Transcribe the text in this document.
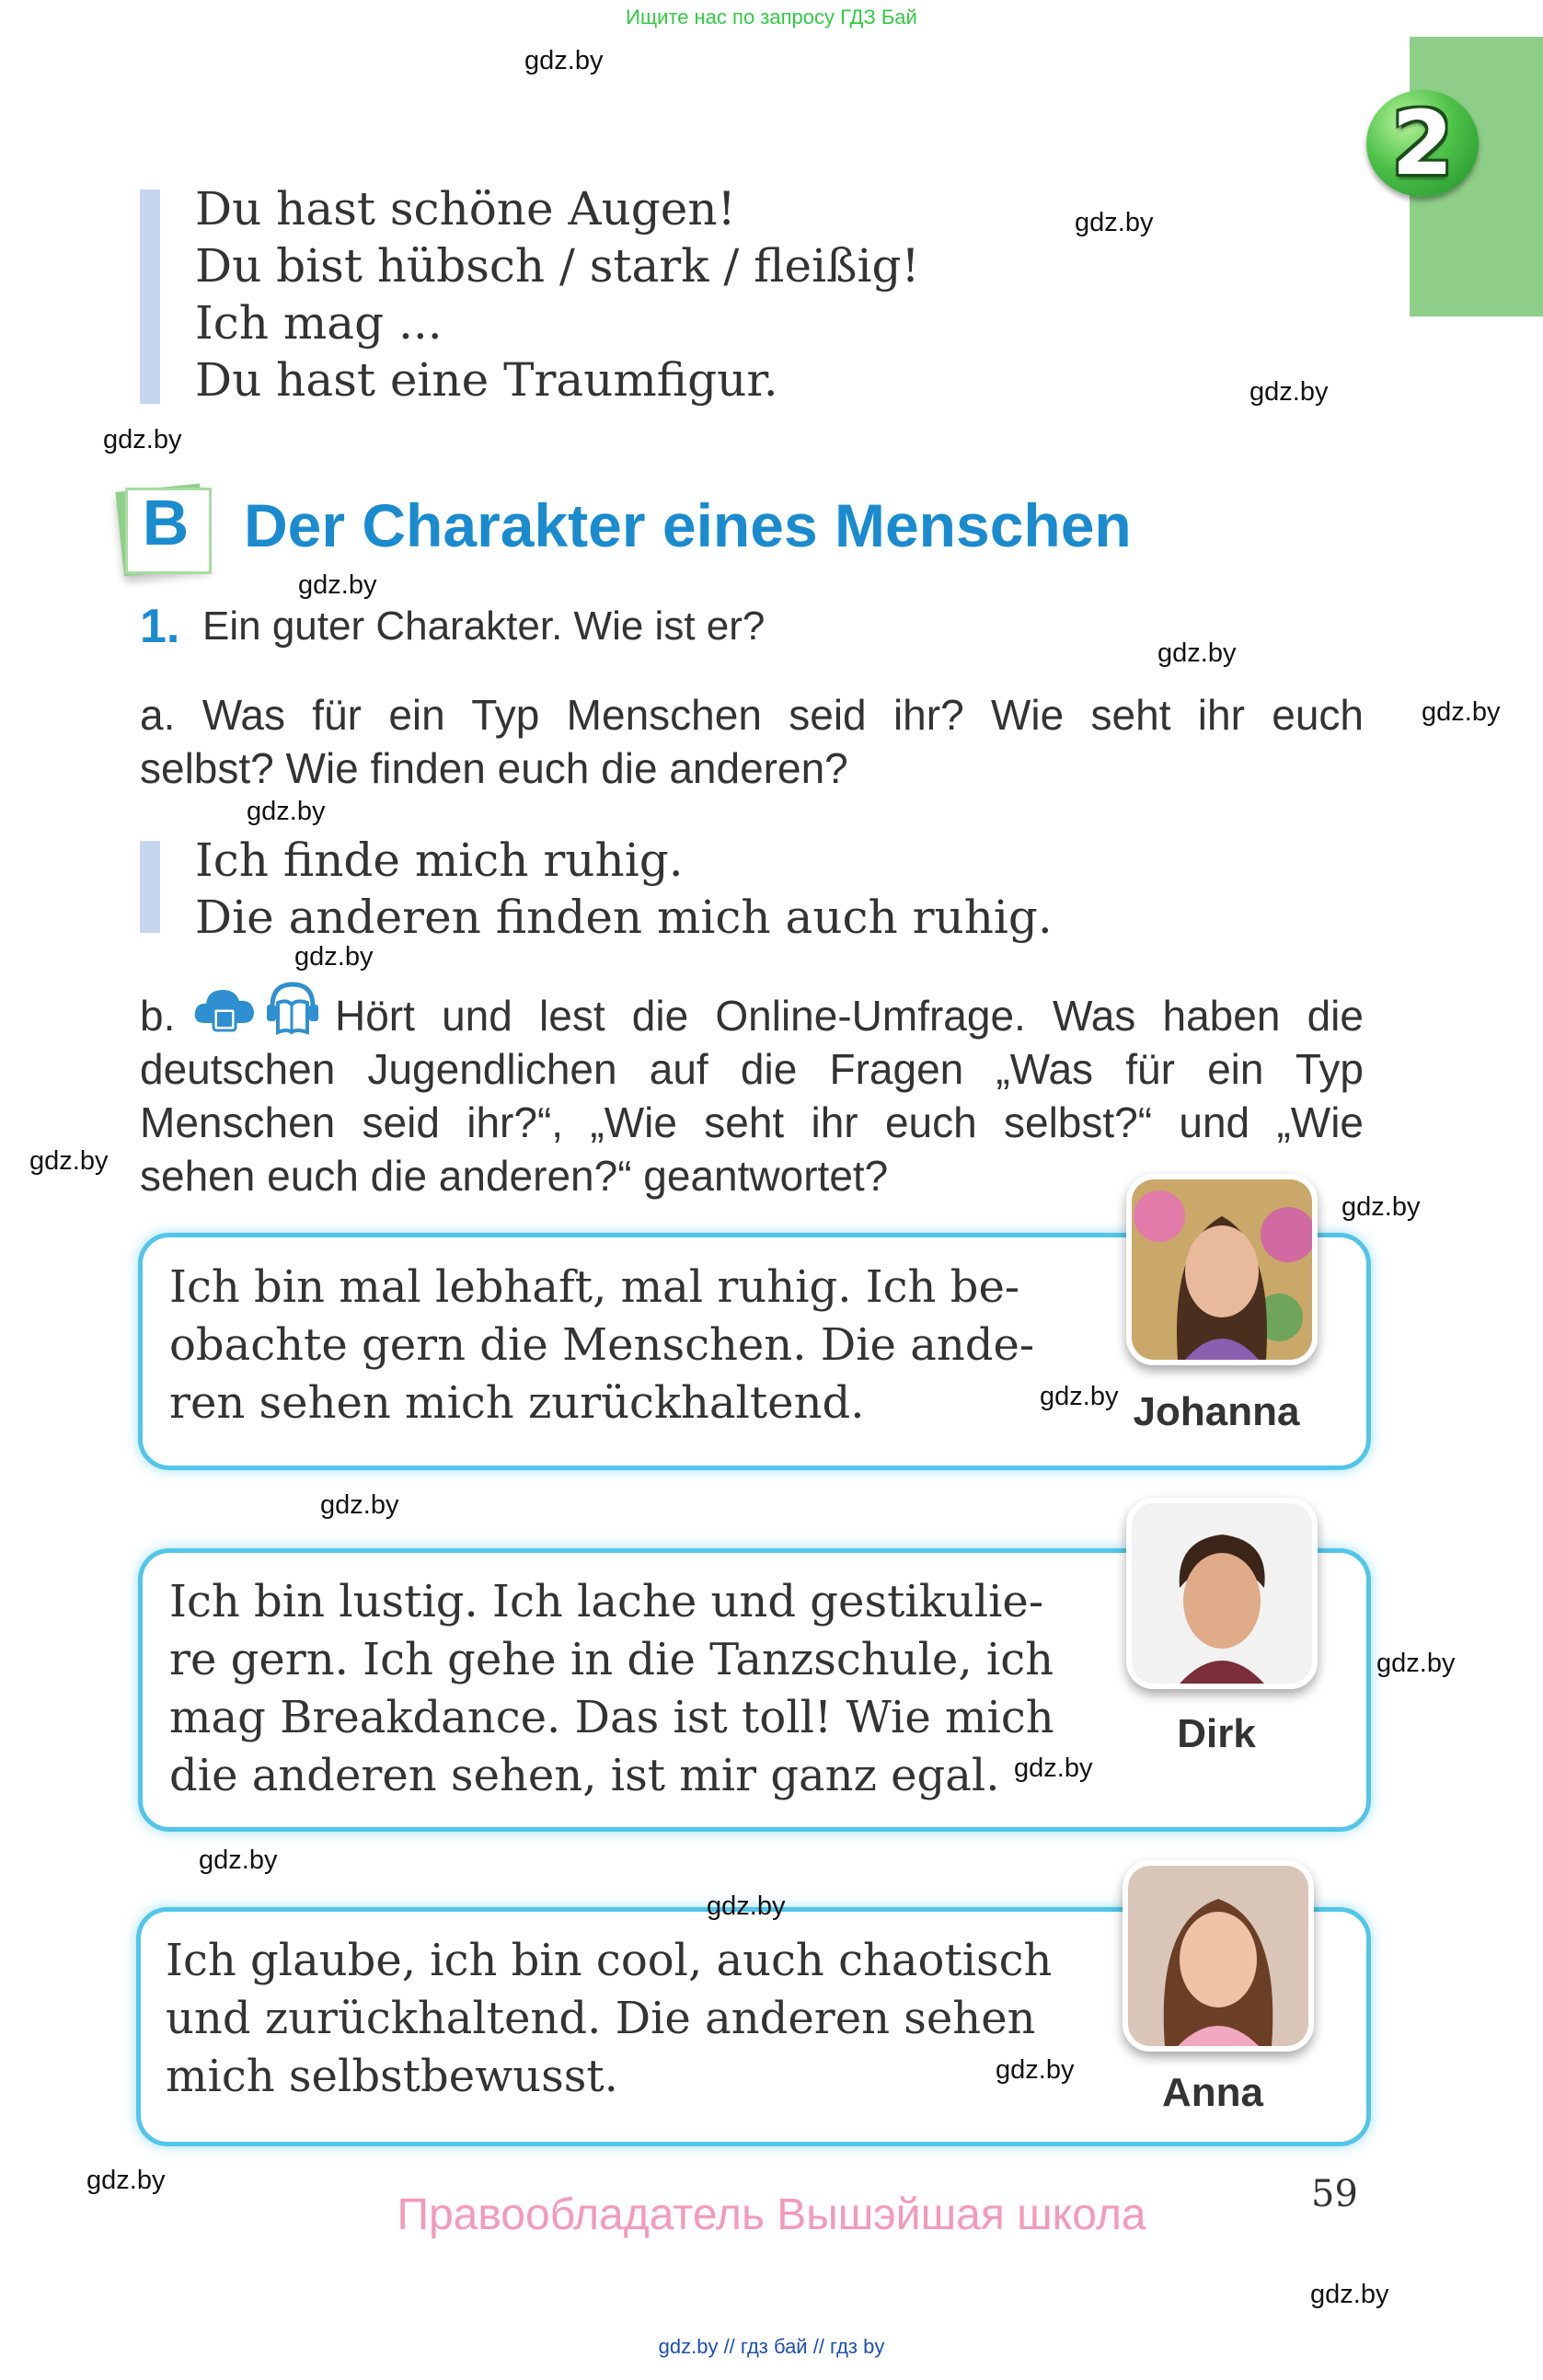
Ищите нас по запросу ГДЗ Бай
2
Du hast schöne Augen!
Du bist hübsch / stark / fleißig!
Ich mag ...
Du hast eine Traumfigur.
B Der Charakter eines Menschen
1. Ein guter Charakter. Wie ist er?
a. Was für ein Typ Menschen seid ihr? Wie seht ihr euch
selbst? Wie finden euch die anderen?
Ich finde mich ruhig.
Die anderen finden mich auch ruhig.
b.	Hört und lest die Online-Umfrage. Was haben die
deutschen Jugendlichen auf die Fragen „Was für ein Typ
Menschen seid ihr?“, „Wie seht ihr euch selbst?“ und „Wie
sehen euch die anderen?“ geantwortet?
Ich bin mal lebhaft, mal ruhig. Ich be-
obachte gern die Menschen. Die ande-
ren sehen mich zurückhaltend.	Johanna
Ich bin lustig. Ich lache und gestikulie-
re gern. Ich gehe in die Tanzschule, ich
mag Breakdance. Das ist toll! Wie mich
die anderen sehen, ist mir ganz egal.
Dirk
Ich glaube, ich bin cool, auch chaotisch
und zurückhaltend. Die anderen sehen
mich selbstbewusst.	Anna
59
Правообладатель Вышэйшая школа
gdz.by // гдз бай // гдз by
gdz.by
gdz.by
gdz.by
gdz.by
gdz.by
gdz.by
gdz.by
gdz.by
gdz.by
gdz.by
gdz.by
gdz.by
gdz.by
gdz.by
gdz.by
gdz.by
gdz.by
gdz.by
gdz.by
gdz.by
